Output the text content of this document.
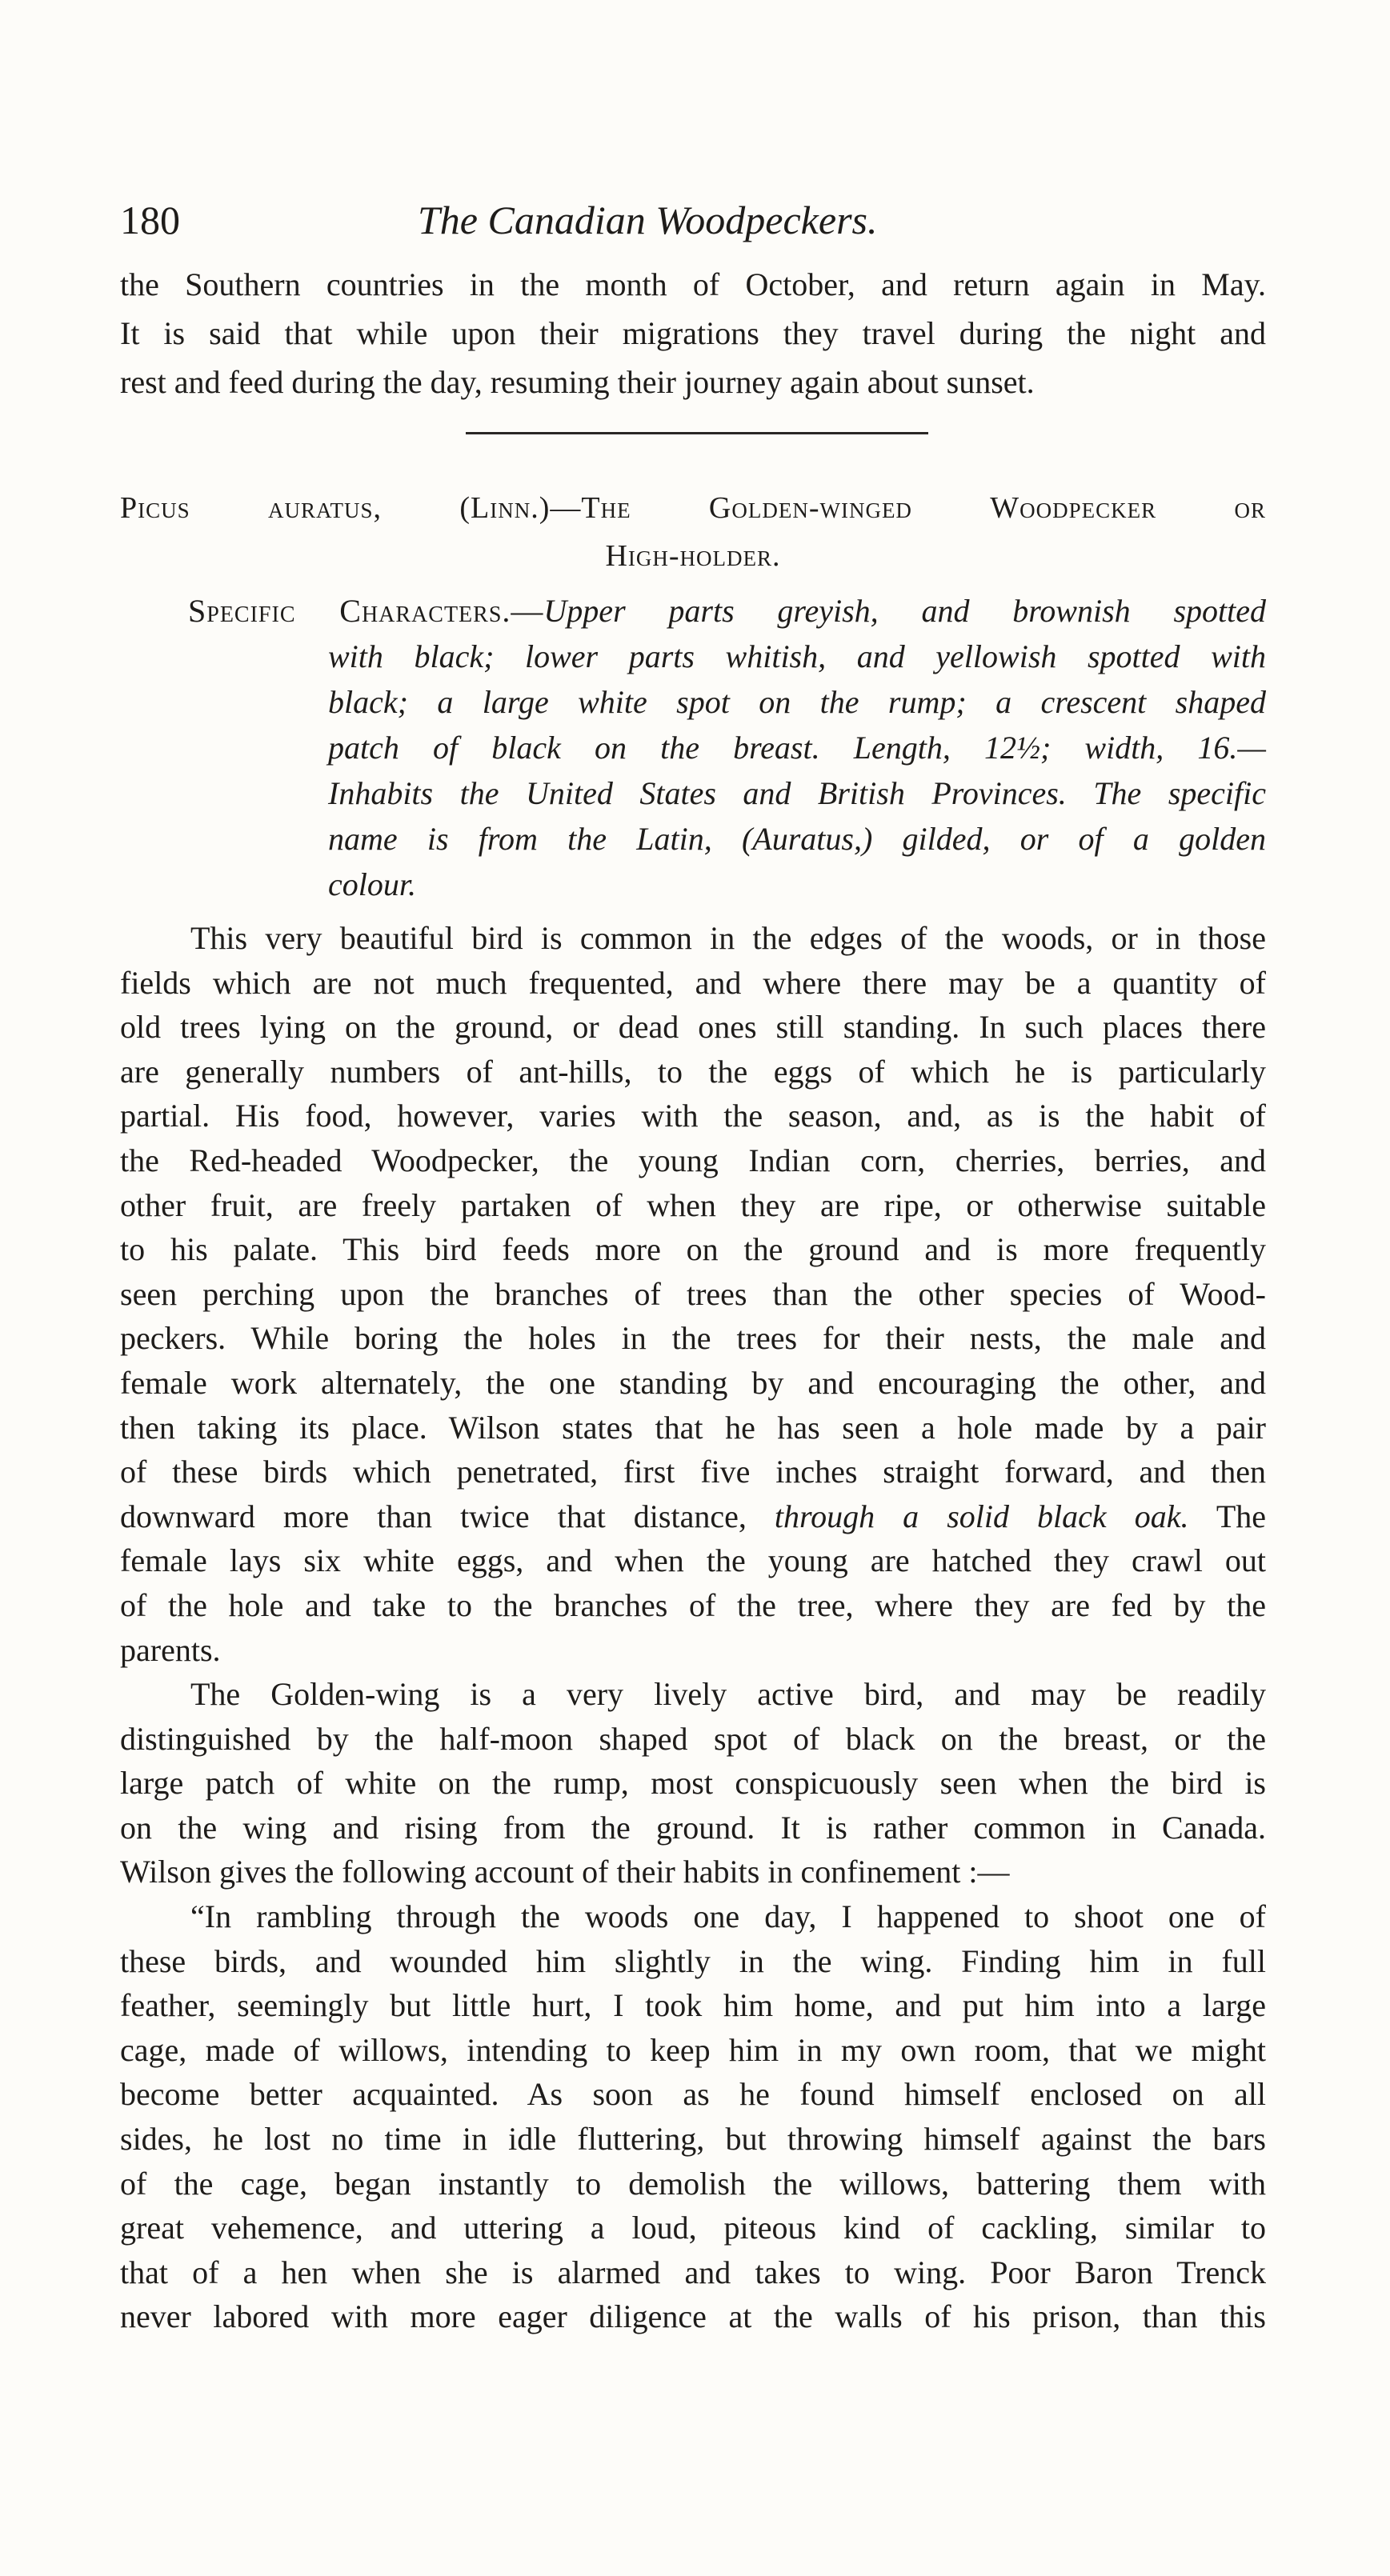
180	The Canadian Woodpeckers.
the Southern countries in the month of October, and return again in May.
It is said that while upon their migrations they travel during the night and
rest and feed during the day, resuming their journey again about sunset.
Picus	auratus,	(Linn.)—The	Golden-winged	Woodpecker	or
High-holder.
Specific Characters.—Upper parts greyish, and brownish spotted
with black; lower parts whitish, and yellowish spotted with
black; a large white spot on the rump; a crescent shaped
patch of black on the breast. Length, 12½; width, 16.—
Inhabits the United States and British Provinces. The specific
name is from the Latin, (Auratus,) gilded, or of a golden
colour.
This very beautiful bird is common in the edges of the woods, or in those
fields which are not much frequented, and where there may be a quantity of
old trees lying on the ground, or dead ones still standing. In such places there
are generally numbers of ant-hills, to the eggs of which he is particularly
partial. His food, however, varies with the season, and, as is the habit of
the Red-headed Woodpecker, the young Indian corn, cherries, berries, and
other fruit, are freely partaken of when they are ripe, or otherwise suitable
to his palate. This bird feeds more on the ground and is more frequently
seen perching upon the branches of trees than the other species of Wood-
peckers. While boring the holes in the trees for their nests, the male and
female work alternately, the one standing by and encouraging the other, and
then taking its place. Wilson states that he has seen a hole made by a pair
of these birds which penetrated, first five inches straight forward, and then
downward more than twice that distance, through a solid black oak. The
female lays six white eggs, and when the young are hatched they crawl out
of the hole and take to the branches of the tree, where they are fed by the
parents.
The Golden-wing is a very lively active bird, and may be readily
distinguished by the half-moon shaped spot of black on the breast, or the
large patch of white on the rump, most conspicuously seen when the bird is
on the wing and rising from the ground. It is rather common in Canada.
Wilson gives the following account of their habits in confinement :—
“In rambling through the woods one day, I happened to shoot one of
these birds, and wounded him slightly in the wing. Finding him in full
feather, seemingly but little hurt, I took him home, and put him into a large
cage, made of willows, intending to keep him in my own room, that we might
become better acquainted. As soon as he found himself enclosed on all
sides, he lost no time in idle fluttering, but throwing himself against the bars
of the cage, began instantly to demolish the willows, battering them with
great vehemence, and uttering a loud, piteous kind of cackling, similar to
that of a hen when she is alarmed and takes to wing. Poor Baron Trenck
never labored with more eager diligence at the walls of his prison, than this
